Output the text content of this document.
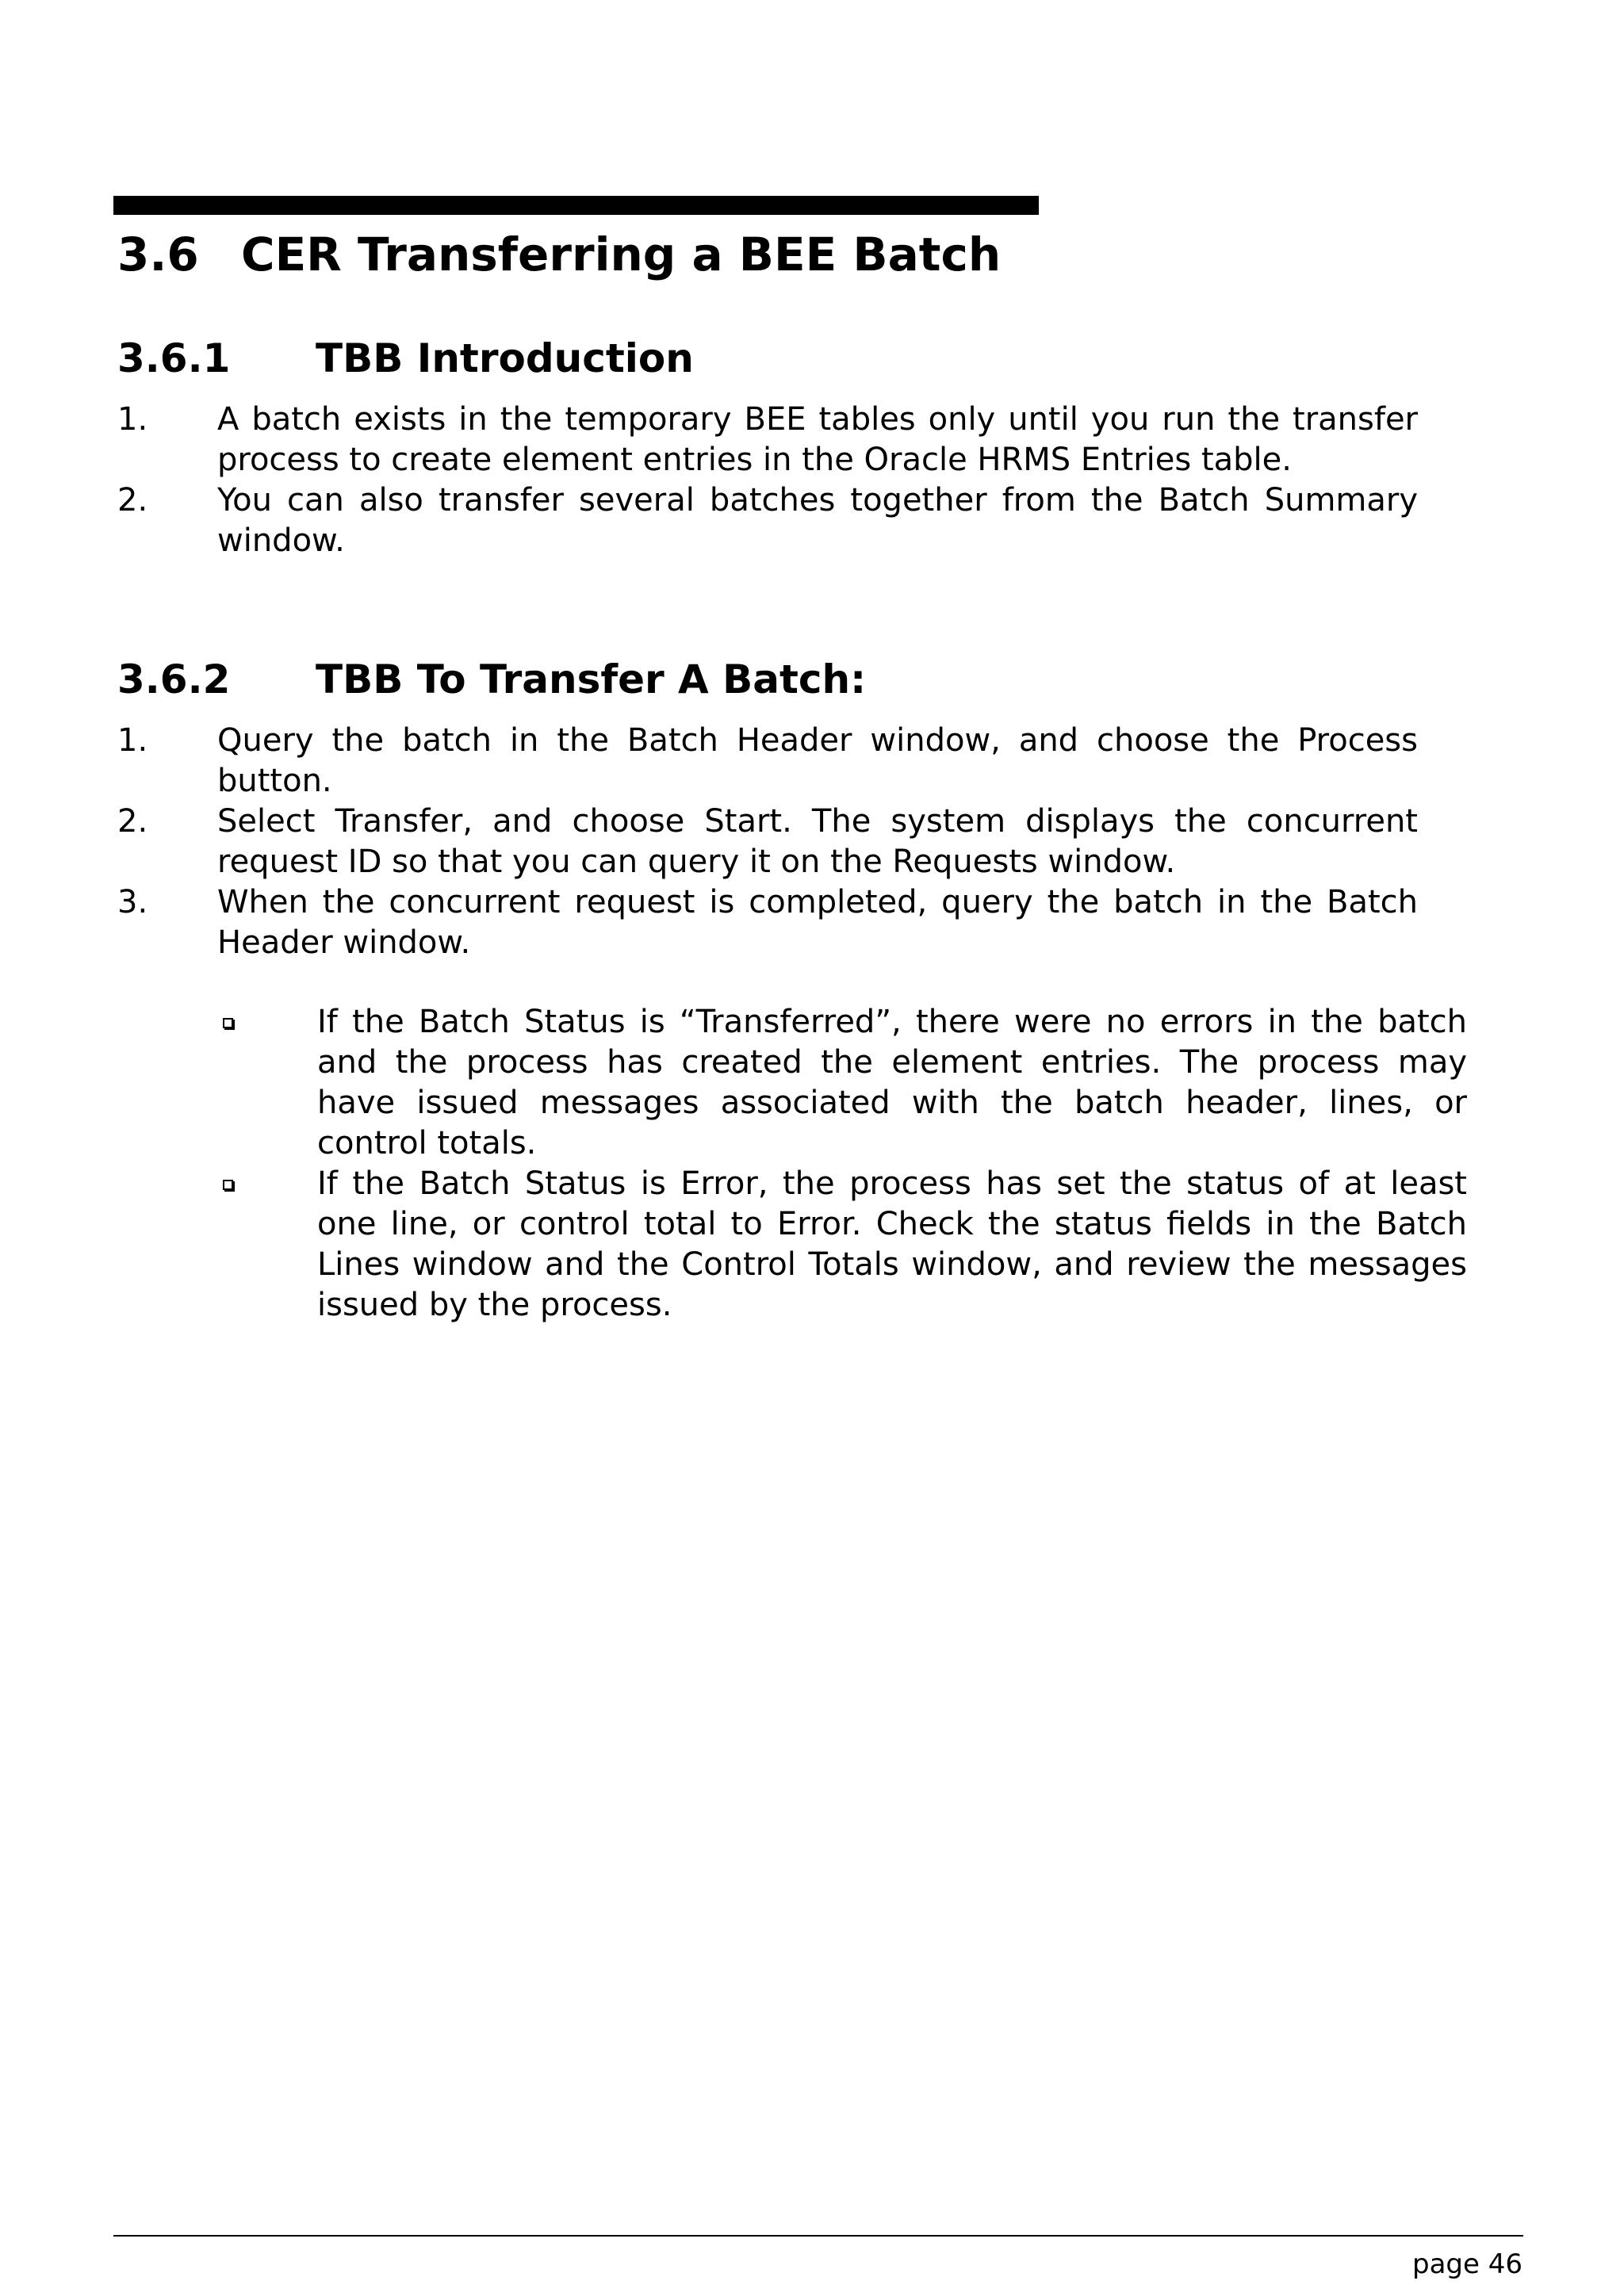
3.6 CER Transferring a BEE Batch
3.6.1 TBB Introduction
1. A batch exists in the temporary BEE tables only until you run the transfer process to create element entries in the Oracle HRMS Entries table.
2. You can also transfer several batches together from the Batch Summary window.
3.6.2 TBB To Transfer A Batch:
1. Query the batch in the Batch Header window, and choose the Process button.
2. Select Transfer, and choose Start. The system displays the concurrent request ID so that you can query it on the Requests window.
3. When the concurrent request is completed, query the batch in the Batch Header window.
If the Batch Status is “Transferred”, there were no errors in the batch and the process has created the element entries. The process may have issued messages associated with the batch header, lines, or control totals.
If the Batch Status is Error, the process has set the status of at least one line, or control total to Error. Check the status fields in the Batch Lines window and the Control Totals window, and review the messages issued by the process.
page 46
